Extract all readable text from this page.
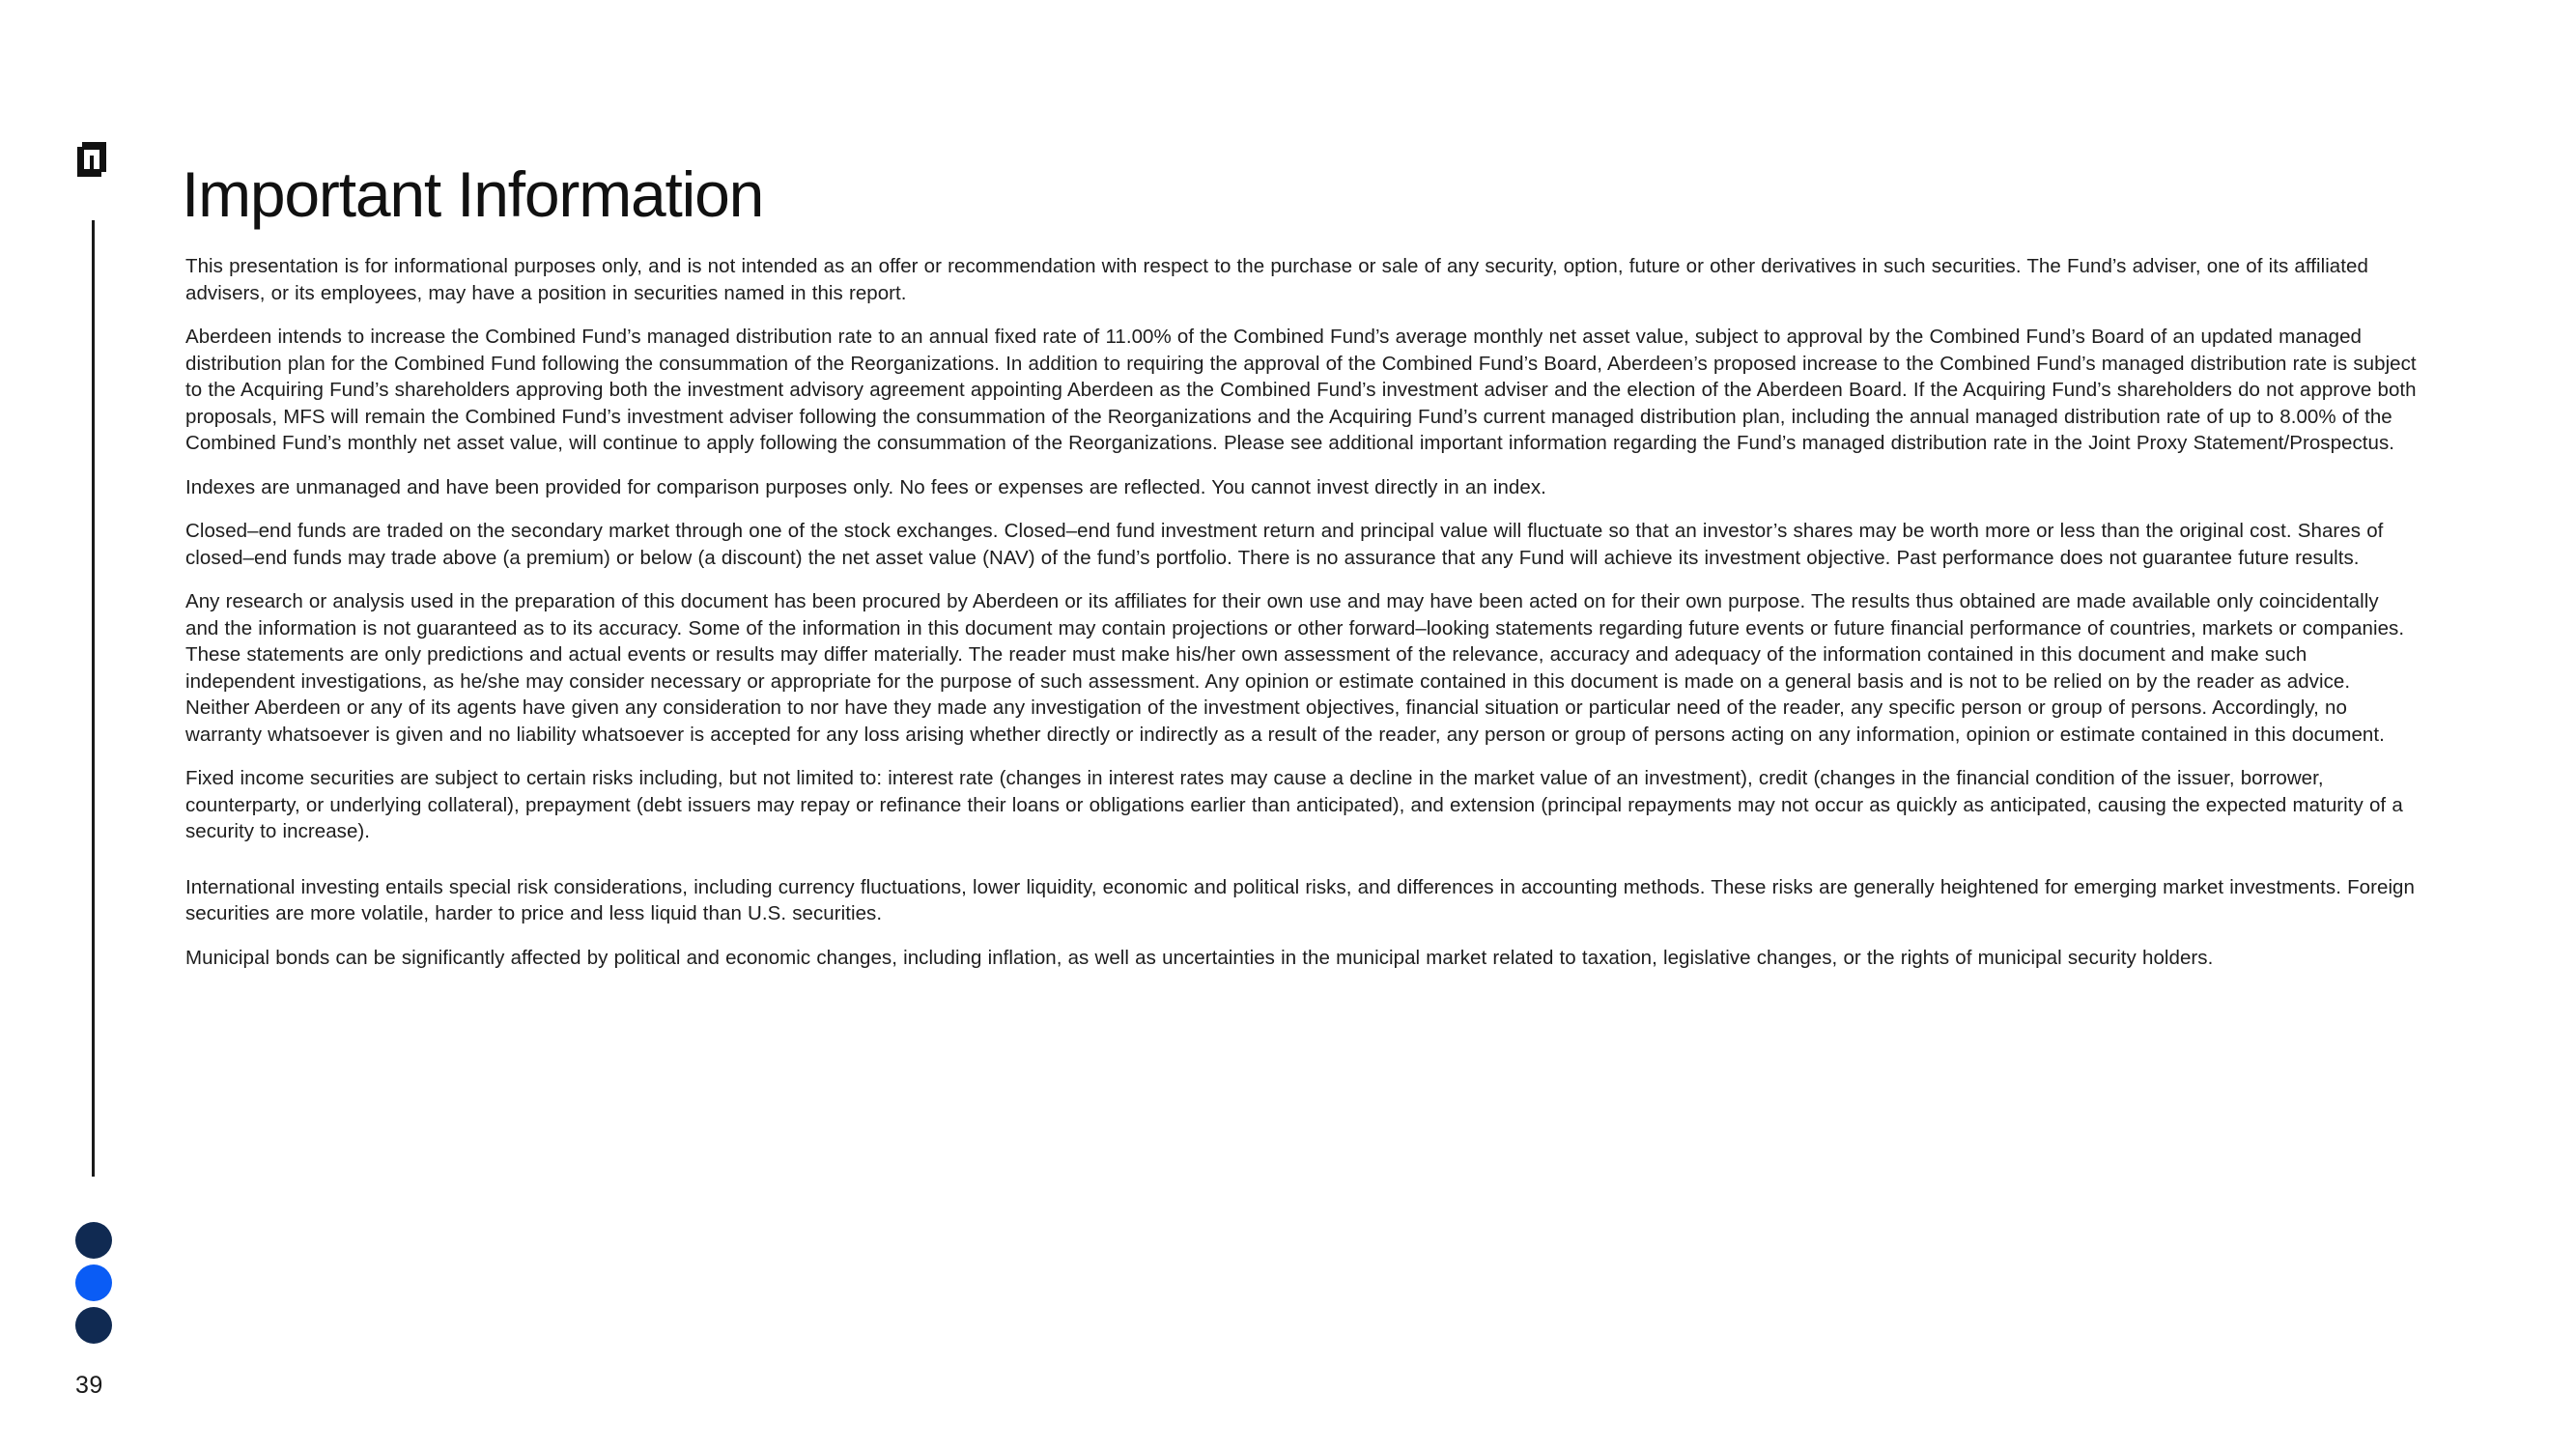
Important Information

This presentation is for informational purposes only, and is not intended as an offer or recommendation with respect to the purchase or sale of any security, option, future or other derivatives in such securities. The Fund’s adviser, one of its affiliated advisers, or its employees, may have a position in securities named in this report.

Aberdeen intends to increase the Combined Fund’s managed distribution rate to an annual fixed rate of 11.00% of the Combined Fund’s average monthly net asset value, subject to approval by the Combined Fund’s Board of an updated managed distribution plan for the Combined Fund following the consummation of the Reorganizations. In addition to requiring the approval of the Combined Fund’s Board, Aberdeen’s proposed increase to the Combined Fund’s managed distribution rate is subject to the Acquiring Fund’s shareholders approving both the investment advisory agreement appointing Aberdeen as the Combined Fund’s investment adviser and the election of the Aberdeen Board. If the Acquiring Fund’s shareholders do not approve both proposals, MFS will remain the Combined Fund’s investment adviser following the consummation of the Reorganizations and the Acquiring Fund’s current managed distribution plan, including the annual managed distribution rate of up to 8.00% of the Combined Fund’s monthly net asset value, will continue to apply following the consummation of the Reorganizations. Please see additional important information regarding the Fund’s managed distribution rate in the Joint Proxy Statement/Prospectus.

Indexes are unmanaged and have been provided for comparison purposes only. No fees or expenses are reflected. You cannot invest directly in an index.

Closed–end funds are traded on the secondary market through one of the stock exchanges. Closed–end fund investment return and principal value will fluctuate so that an investor’s shares may be worth more or less than the original cost. Shares of closed–end funds may trade above (a premium) or below (a discount) the net asset value (NAV) of the fund’s portfolio. There is no assurance that any Fund will achieve its investment objective. Past performance does not guarantee future results.

Any research or analysis used in the preparation of this document has been procured by Aberdeen or its affiliates for their own use and may have been acted on for their own purpose. The results thus obtained are made available only coincidentally and the information is not guaranteed as to its accuracy. Some of the information in this document may contain projections or other forward–looking statements regarding future events or future financial performance of countries, markets or companies. These statements are only predictions and actual events or results may differ materially. The reader must make his/her own assessment of the relevance, accuracy and adequacy of the information contained in this document and make such independent investigations, as he/she may consider necessary or appropriate for the purpose of such assessment. Any opinion or estimate contained in this document is made on a general basis and is not to be relied on by the reader as advice. Neither Aberdeen or any of its agents have given any consideration to nor have they made any investigation of the investment objectives, financial situation or particular need of the reader, any specific person or group of persons. Accordingly, no warranty whatsoever is given and no liability whatsoever is accepted for any loss arising whether directly or indirectly as a result of the reader, any person or group of persons acting on any information, opinion or estimate contained in this document.

Fixed income securities are subject to certain risks including, but not limited to: interest rate (changes in interest rates may cause a decline in the market value of an investment), credit (changes in the financial condition of the issuer, borrower, counterparty, or underlying collateral), prepayment (debt issuers may repay or refinance their loans or obligations earlier than anticipated), and extension (principal repayments may not occur as quickly as anticipated, causing the expected maturity of a security to increase).

International investing entails special risk considerations, including currency fluctuations, lower liquidity, economic and political risks, and differences in accounting methods. These risks are generally heightened for emerging market investments. Foreign securities are more volatile, harder to price and less liquid than U.S. securities.

Municipal bonds can be significantly affected by political and economic changes, including inflation, as well as uncertainties in the municipal market related to taxation, legislative changes, or the rights of municipal security holders.

39
